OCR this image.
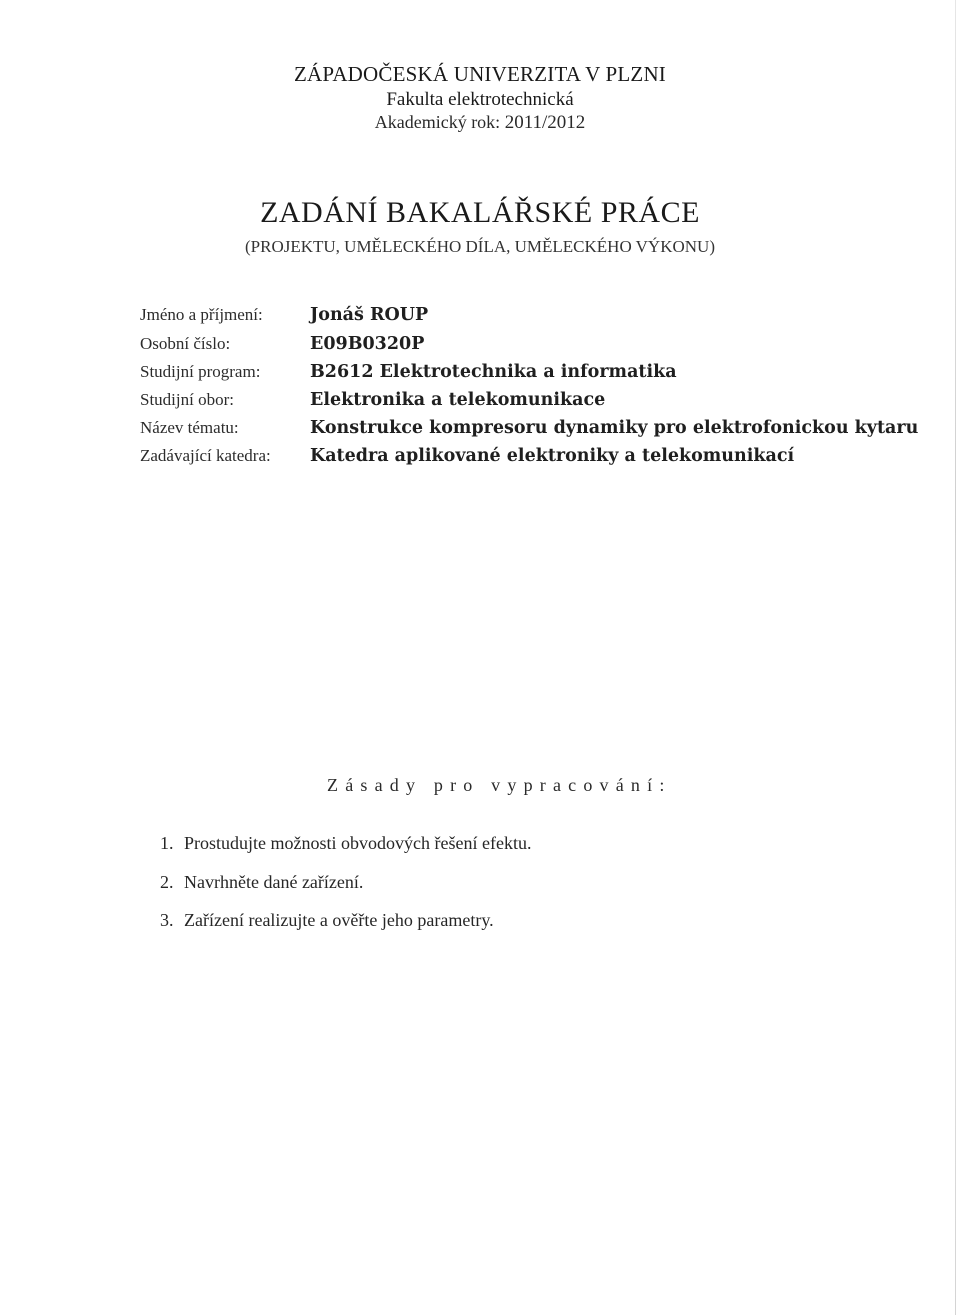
ZÁPADOČESKÁ UNIVERZITA V PLZNI
Fakulta elektrotechnická
Akademický rok: 2011/2012
ZADÁNÍ BAKALÁŘSKÉ PRÁCE
(PROJEKTU, UMĚLECKÉHO DÍLA, UMĚLECKÉHO VÝKONU)
Jméno a příjmení:	Jonáš ROUP
Osobní číslo:	E09B0320P
Studijní program:	B2612 Elektrotechnika a informatika
Studijní obor:	Elektronika a telekomunikace
Název tématu:	Konstrukce kompresoru dynamiky pro elektrofonickou kytaru
Zadávající katedra: Katedra aplikované elektroniky a telekomunikací
Zásady pro vypracování:
1. Prostudujte možnosti obvodových řešení efektu.
2. Navrhněte dané zařízení.
3. Zařízení realizujte a ověřte jeho parametry.
